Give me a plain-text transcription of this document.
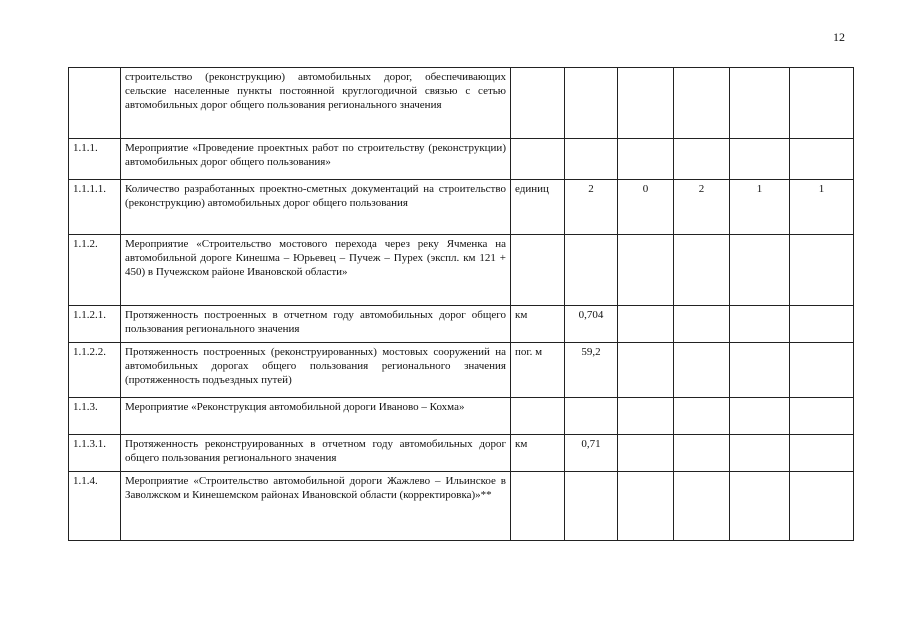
12
	строительство (реконструкцию) автомобильных дорог, обеспечивающих сельские населенные пункты постоянной круглогодичной связью с сетью автомобильных дорог общего пользования регионального значения						
1.1.1.	Мероприятие «Проведение проектных работ по строительству (реконструкции) автомобильных дорог общего пользования»						
1.1.1.1.	Количество разработанных проектно-сметных документаций на строительство (реконструкцию) автомобильных дорог общего пользования	единиц	2	0	2	1	1
1.1.2.	Мероприятие «Строительство мостового перехода через реку Ячменка на автомобильной дороге Кинешма – Юрьевец – Пучеж – Пурех (экспл. км 121 + 450) в Пучежском районе Ивановской области»						
1.1.2.1.	Протяженность построенных в отчетном году автомобильных дорог общего пользования регионального значения	км	0,704				
1.1.2.2.	Протяженность построенных (реконструированных) мостовых сооружений на автомобильных дорогах общего пользования регионального значения (протяженность подъездных путей)	пог. м	59,2				
1.1.3.	Мероприятие «Реконструкция автомобильной дороги Иваново – Кохма»						
1.1.3.1.	Протяженность реконструированных в отчетном году автомобильных дорог общего пользования регионального значения	км	0,71				
1.1.4.	Мероприятие «Строительство автомобильной дороги Жажлево – Ильинское в Заволжском и Кинешемском районах Ивановской области (корректировка)»**						
